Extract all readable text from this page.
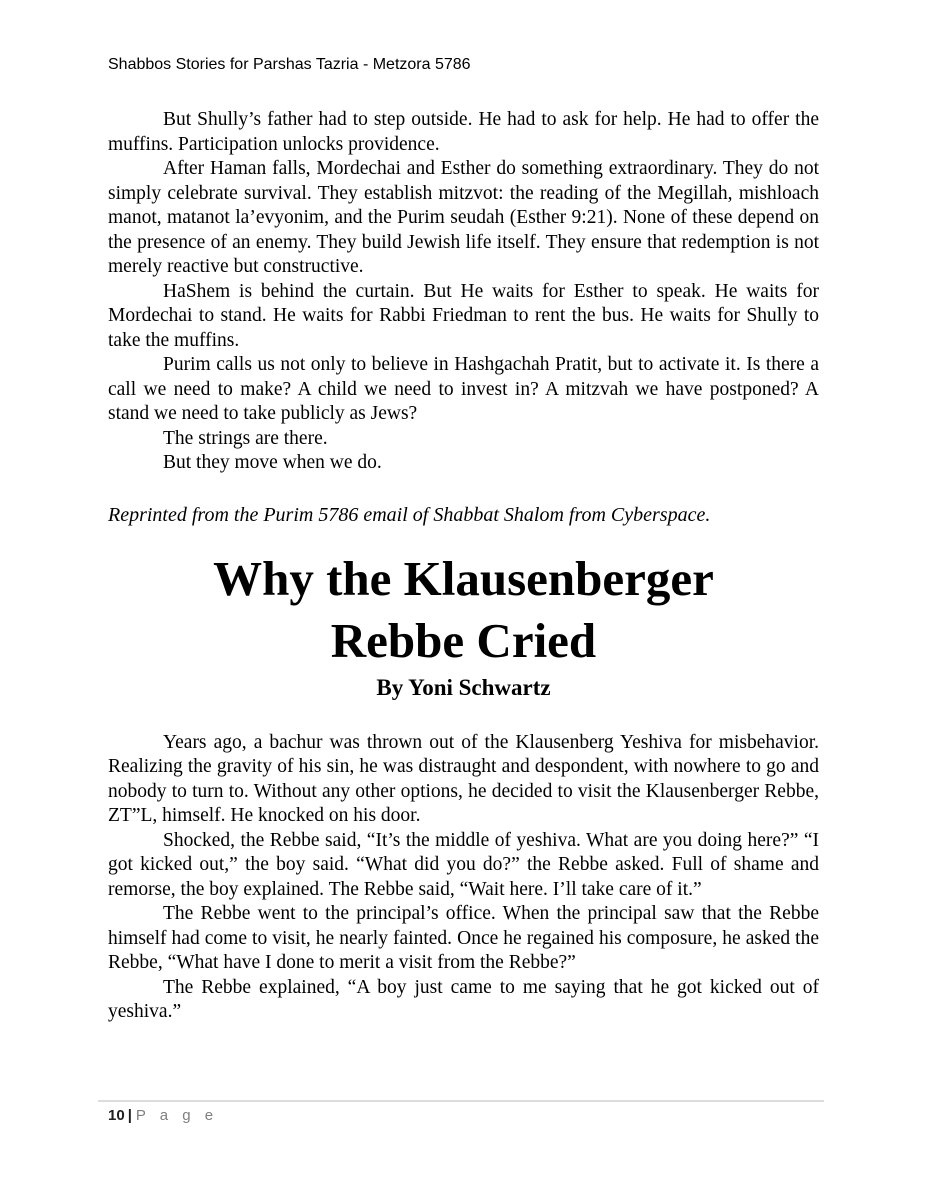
Shabbos Stories for Parshas Tazria - Metzora 5786

But Shully’s father had to step outside. He had to ask for help. He had to offer the muffins. Participation unlocks providence.

After Haman falls, Mordechai and Esther do something extraordinary. They do not simply celebrate survival. They establish mitzvot: the reading of the Megillah, mishloach manot, matanot la’evyonim, and the Purim seudah (Esther 9:21). None of these depend on the presence of an enemy. They build Jewish life itself. They ensure that redemption is not merely reactive but constructive.

HaShem is behind the curtain. But He waits for Esther to speak. He waits for Mordechai to stand. He waits for Rabbi Friedman to rent the bus. He waits for Shully to take the muffins.

Purim calls us not only to believe in Hashgachah Pratit, but to activate it. Is there a call we need to make? A child we need to invest in? A mitzvah we have postponed? A stand we need to take publicly as Jews?

The strings are there.

But they move when we do.

Reprinted from the Purim 5786 email of Shabbat Shalom from Cyberspace.

Why the Klausenberger Rebbe Cried
By Yoni Schwartz

Years ago, a bachur was thrown out of the Klausenberg Yeshiva for misbehavior. Realizing the gravity of his sin, he was distraught and despondent, with nowhere to go and nobody to turn to. Without any other options, he decided to visit the Klausenberger Rebbe, ZT”L, himself. He knocked on his door.

Shocked, the Rebbe said, “It’s the middle of yeshiva. What are you doing here?” “I got kicked out,” the boy said. “What did you do?” the Rebbe asked. Full of shame and remorse, the boy explained. The Rebbe said, “Wait here. I’ll take care of it.”

The Rebbe went to the principal’s office. When the principal saw that the Rebbe himself had come to visit, he nearly fainted. Once he regained his composure, he asked the Rebbe, “What have I done to merit a visit from the Rebbe?”

The Rebbe explained, “A boy just came to me saying that he got kicked out of yeshiva.”

10 | P a g e
